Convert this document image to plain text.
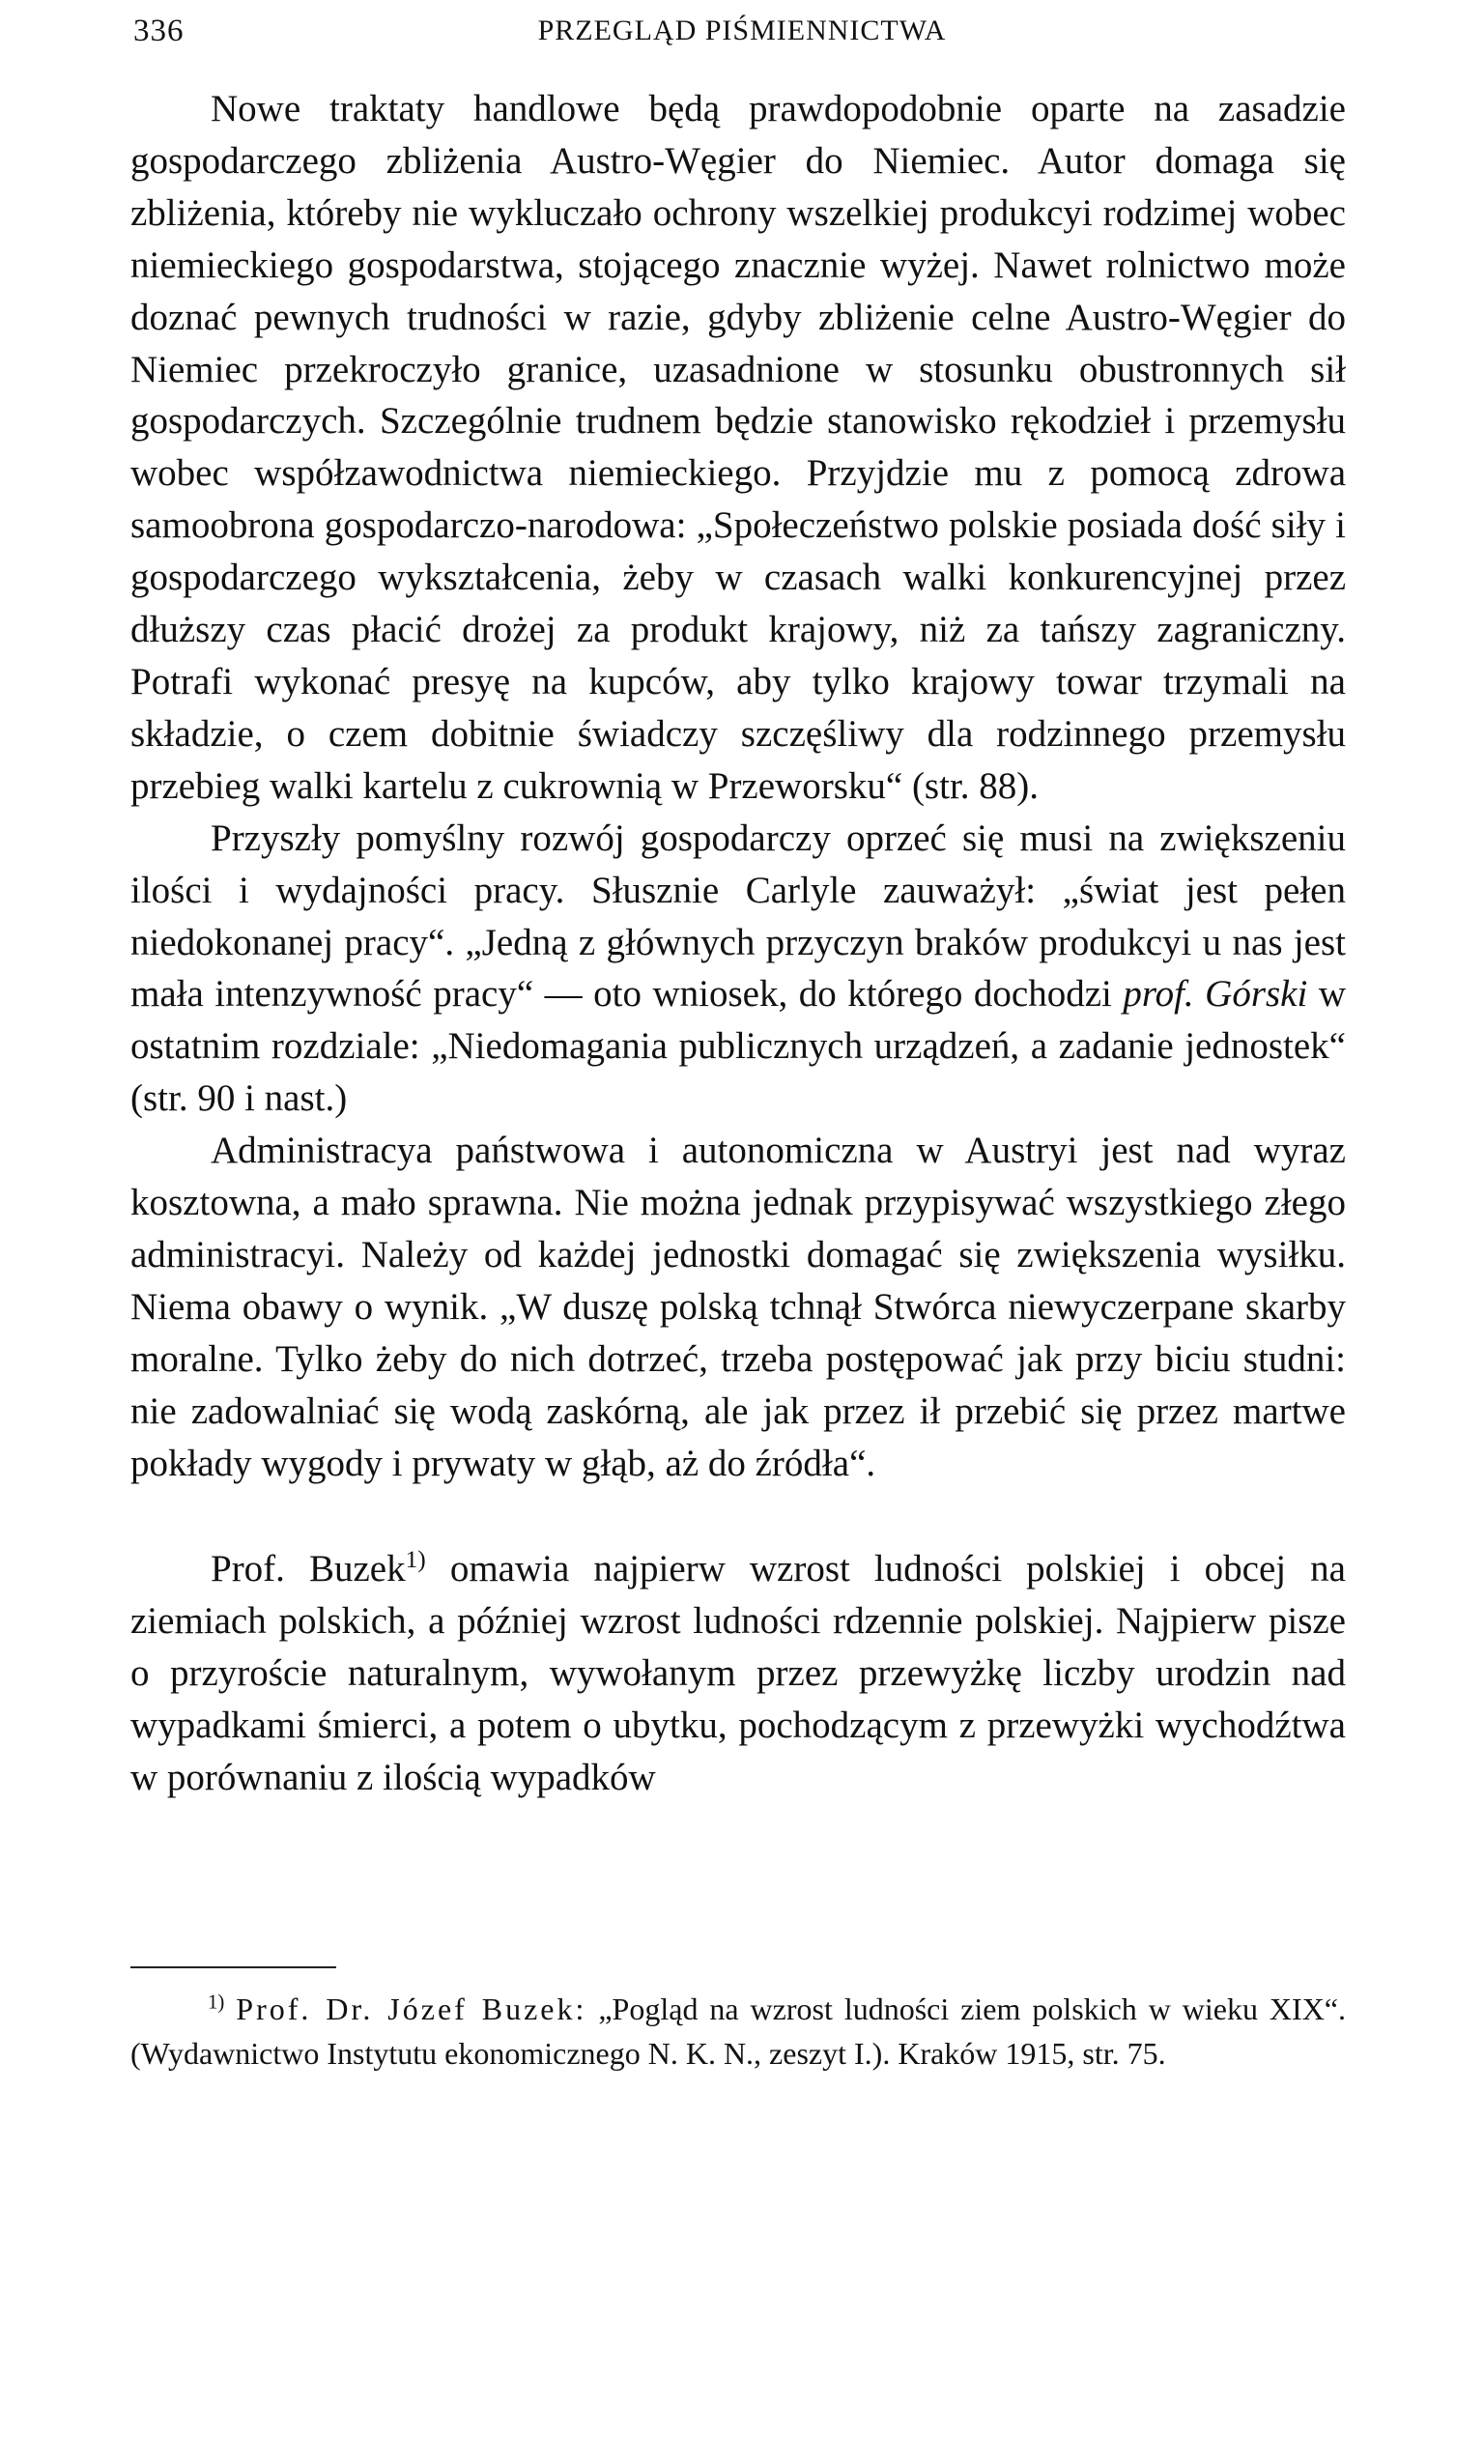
336	PRZEGLĄD PIŚMIENNICTWA

Nowe traktaty handlowe będą prawdopodobnie oparte na zasadzie gospodarczego zbliżenia Austro-Węgier do Niemiec. Autor domaga się zbliżenia, któreby nie wykluczało ochrony wszelkiej produkcyi rodzimej wobec niemieckiego gospodarstwa, stojącego znacznie wyżej. Nawet rolnictwo może doznać pewnych trudności w razie, gdyby zbliżenie celne Austro-Węgier do Niemiec przekroczyło granice, uzasadnione w stosunku obustronnych sił gospodarczych. Szczególnie trudnem będzie stanowisko rękodzieł i przemysłu wobec współzawodnictwa niemieckiego. Przyjdzie mu z pomocą zdrowa samoobrona gospodarczo-narodowa: „Społeczeństwo polskie posiada dość siły i gospodarczego wykształcenia, żeby w czasach walki konkurencyjnej przez dłuższy czas płacić drożej za produkt krajowy, niż za tańszy zagraniczny. Potrafi wykonać presyę na kupców, aby tylko krajowy towar trzymali na składzie, o czem dobitnie świadczy szczęśliwy dla rodzinnego przemysłu przebieg walki kartelu z cukrownią w Przeworsku“ (str. 88).

Przyszły pomyślny rozwój gospodarczy oprzeć się musi na zwiększeniu ilości i wydajności pracy. Słusznie Carlyle zauważył: „świat jest pełen niedokonanej pracy“. „Jedną z głównych przyczyn braków produkcyi u nas jest mała intenzywność pracy“ — oto wniosek, do którego dochodzi prof. Górski w ostatnim rozdziale: „Niedomagania publicznych urządzeń, a zadanie jednostek“ (str. 90 i nast.)

Administracya państwowa i autonomiczna w Austryi jest nad wyraz kosztowna, a mało sprawna. Nie można jednak przypisywać wszystkiego złego administracyi. Należy od każdej jednostki domagać się zwiększenia wysiłku. Niema obawy o wynik. „W duszę polską tchnął Stwórca niewyczerpane skarby moralne. Tylko żeby do nich dotrzeć, trzeba postępować jak przy biciu studni: nie zadowalniać się wodą zaskórną, ale jak przez ił przebić się przez martwe pokłady wygody i prywaty w głąb, aż do źródła“.

Prof. Buzek$^{1)}$ omawia najpierw wzrost ludności polskiej i obcej na ziemiach polskich, a później wzrost ludności rdzennie polskiej. Najpierw pisze o przyroście naturalnym, wywołanym przez przewyżkę liczby urodzin nad wypadkami śmierci, a potem o ubytku, pochodzącym z przewyżki wychodźtwa w porównaniu z ilością wypadków

$^{1)}$ Prof. Dr. Józef Buzek: „Pogląd na wzrost ludności ziem polskich w wieku XIX“. (Wydawnictwo Instytutu ekonomicznego N. K. N., zeszyt I.). Kraków 1915, str. 75.
